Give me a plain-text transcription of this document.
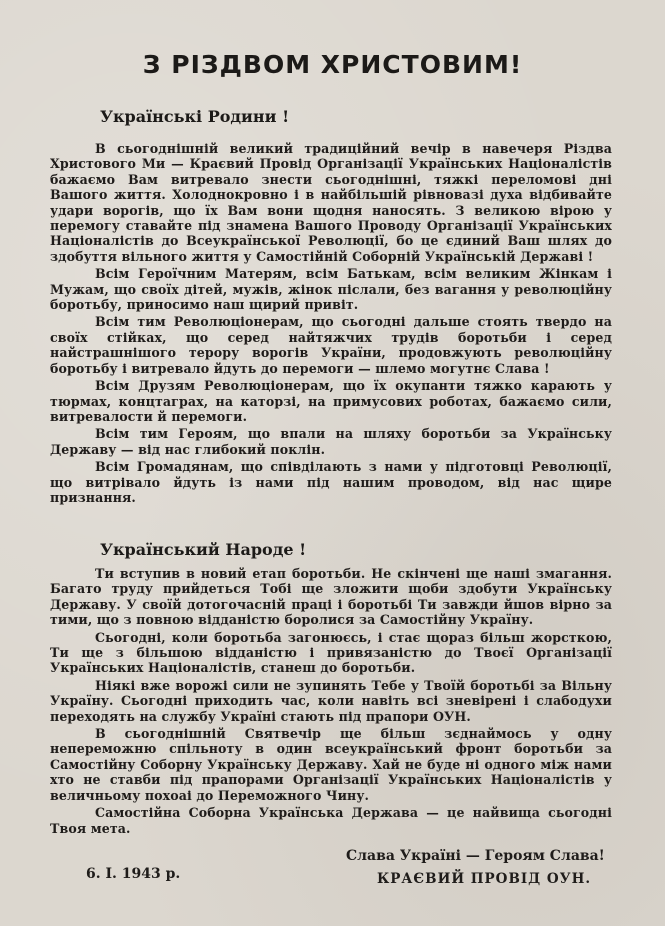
З РІЗДВОМ ХРИСТОВИМ!
Українські Родини !

В сьогоднішній великий традиційний вечір в навечеря Різдва Христового Ми — Краєвий Провід Організації Українських Націоналістів бажаємо Вам витревало знести сьогоднішні, тяжкі переломові дні Вашого життя. Холоднокровно і в найбільшій рівновазі духа відбивайте удари ворогів, що їх Вам вони щодня наносять. З великою вірою у перемогу ставайте під знамена Вашого Проводу Організації Українських Націоналістів до Всеукраїнської Революції, бо це єдиний Ваш шлях до здобуття вільного життя у Самостійній Соборній Українській Державі !

Всім Героїчним Матерям, всім Батькам, всім великим Жінкам і Мужам, що своїх дітей, мужів, жінок післали, без вагання у революційну боротьбу, приносимо наш щирий привіт.

Всім тим Революціонерам, що сьогодні дальше стоять твердо на своїх стійках, що серед найтяжчих трудів боротьби і серед найстрашнішого терору ворогів України, продовжують революційну боротьбу і витревало йдуть до перемоги — шлемо могутнє Слава !

Всім Друзям Революціонерам, що їх окупанти тяжко карають у тюрмах, концтаграх, на каторзі, на примусових роботах, бажаємо сили, витревалости й перемоги.

Всім тим Героям, що впали на шляху боротьби за Українську Державу — від нас глибокий поклін.

Всім Громадянам, що співділають з нами у підготовці Революції, що витрівало йдуть із нами під нашим проводом, від нас щире признання.

Український Народе !

Ти вступив в новий етап боротьби. Не скінчені ще наші змагання. Багато труду прийдеться Тобі ще зложити щоби здобути Українську Державу. У своїй дотогочасній праці і боротьбі Ти завжди йшов вірно за тими, що з повною відданістю боролися за Самостійну Україну.

Сьогодні, коли боротьба загонюєсь, і стає щораз більш жорсткою, Ти ще з більшою відданістю і привязаністю до Твоєї Організації Українських Націоналістів, станеш до боротьби.

Ніякі вже ворожі сили не зупинять Тебе у Твоїй боротьбі за Вільну Україну. Сьогодні приходить час, коли навіть всі зневірені і слабодухи переходять на службу Україні стають під прапори ОУН.

В сьогоднішній Святвечір ще більш зєднаймось у одну непереможню спільноту в один всеукраїнський фронт боротьби за Самостійну Соборну Українську Державу. Хай не буде ні одного між нами хто не ставби під прапорами Організації Українських Націоналістів у величньому похоаі до Переможного Чину.

Самостійна Соборна Українська Держава — це найвища сьогодні Твоя мета.

Слава Україні — Героям Слава!
6. I. 1943 р.	КРАЄВИЙ ПРОВІД ОУН.
